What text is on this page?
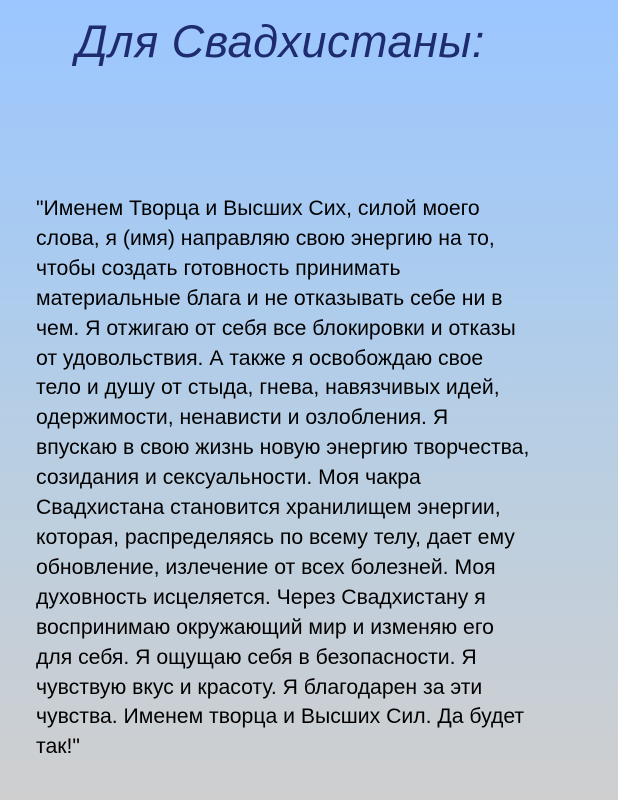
Для Свадхистаны:
"Именем Творца и Высших Сих, силой моего
слова, я (имя) направляю свою энергию на то,
чтобы создать готовность принимать
материальные блага и не отказывать себе ни в
чем. Я отжигаю от себя все блокировки и отказы
от удовольствия. А также я освобождаю свое
тело и душу от стыда, гнева, навязчивых идей,
одержимости, ненависти и озлобления. Я
впускаю в свою жизнь новую энергию творчества,
созидания и сексуальности. Моя чакра
Свадхистана становится хранилищем энергии,
которая, распределяясь по всему телу, дает ему
обновление, излечение от всех болезней. Моя
духовность исцеляется. Через Свадхистану я
воспринимаю окружающий мир и изменяю его
для себя. Я ощущаю себя в безопасности. Я
чувствую вкус и красоту. Я благодарен за эти
чувства. Именем творца и Высших Сил. Да будет
так!"
